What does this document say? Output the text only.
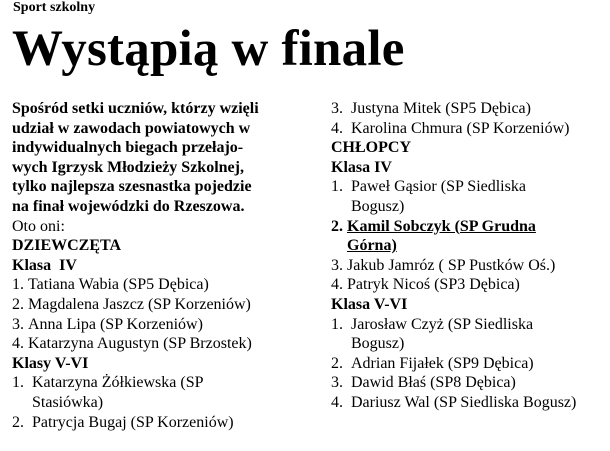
Sport szkolny
Wystąpią w finale

Spośród setki uczniów, którzy wzięli

udział w zawodach powiatowych w

indywidualnych biegach przełajo-

wych Igrzysk Młodzieży Szkolnej,

tylko najlepsza szesnastka pojedzie

na finał wojewódzki do Rzeszowa.

Oto oni:

DZIEWCZĘTA

Klasa  IV

1. Tatiana Wabia (SP5 Dębica)
2. Magdalena Jaszcz (SP Korzeniów)
3. Anna Lipa (SP Korzeniów)
4. Katarzyna Augustyn (SP Brzostek)

Klasy V-VI

1. Katarzyna Żółkiewska (SP
Stasiówka)
2. Patrycja Bugaj (SP Korzeniów)
3. Justyna Mitek (SP5 Dębica)
4. Karolina Chmura (SP Korzeniów)

CHŁOPCY

Klasa IV

1. Paweł Gąsior (SP Siedliska
Bogusz)
2. Kamil Sobczyk (SP Grudna
Górna)
3. Jakub Jamróz ( SP Pustków Oś.)
4. Patryk Nicoś (SP3 Dębica)

Klasa V-VI

1. Jarosław Czyż (SP Siedliska
Bogusz)
2. Adrian Fijałek (SP9 Dębica)
3. Dawid Błaś (SP8 Dębica)
4. Dariusz Wal (SP Siedliska Bogusz)
